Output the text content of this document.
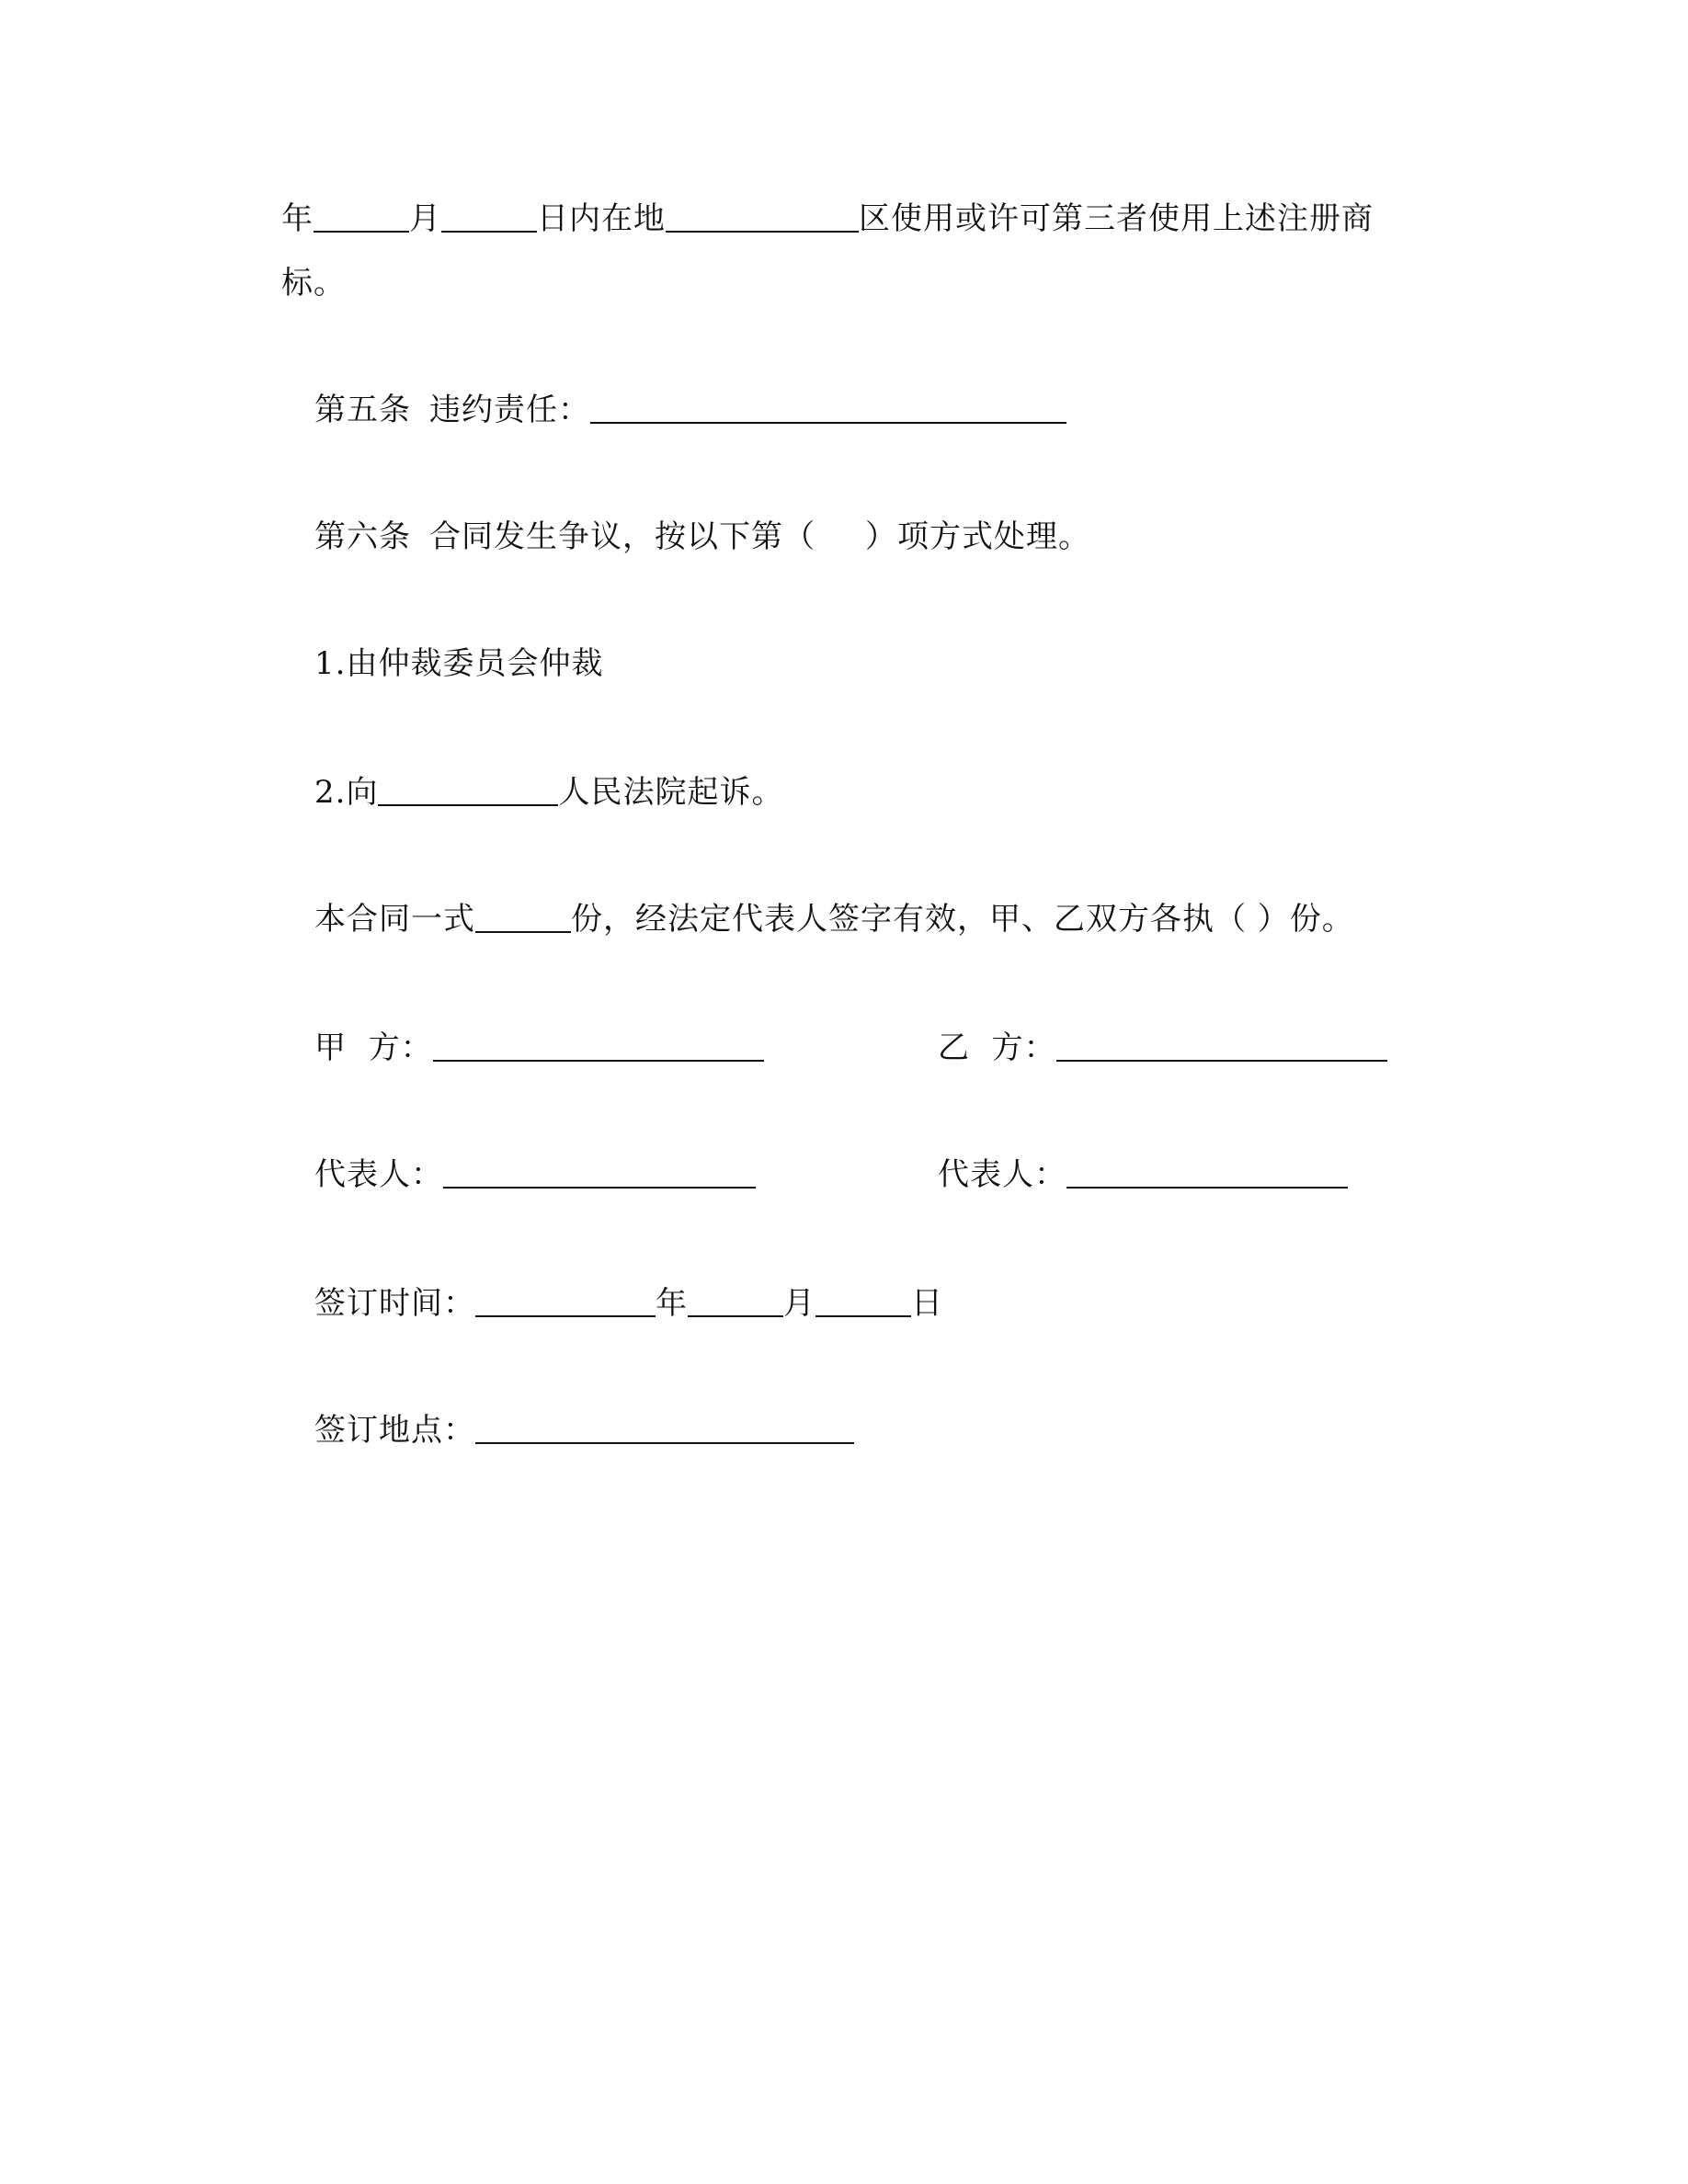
年	月	日内在地	区使用或许可第三者使用上述注册商
标。
第五条 违约责任：
第六条 合同发生争议，按以下第（ ）项方式处理。
1.由仲裁委员会仲裁
2.向	人民法院起诉。
本合同一式	份，经法定代表人签字有效，甲、乙双方各执（ ）份。
甲  方：	乙  方：
代表人：	代表人：
签订时间：	年	月	日
签订地点：
